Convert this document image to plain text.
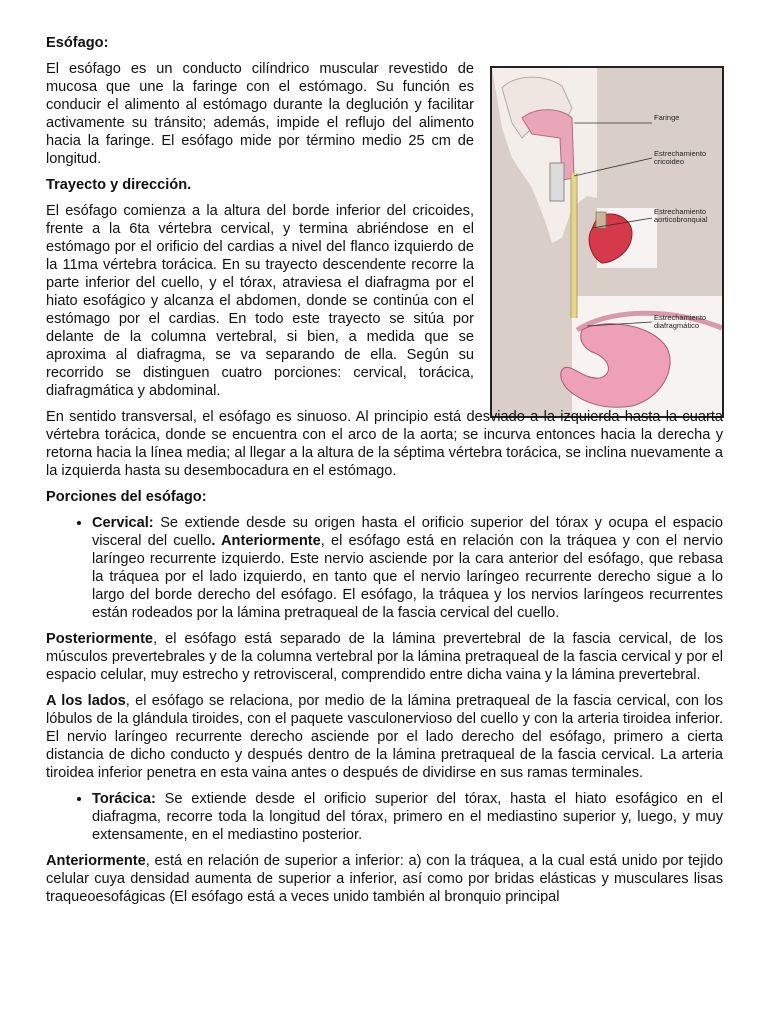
Faringe
Estrechamiento cricoideo
Estrechamiento aorticobronquial
Estrechamiento diafragmático
Esófago:

El esófago es un conducto cilíndrico muscular revestido de mucosa que une la faringe con el estómago. Su función es conducir el alimento al estómago durante la deglución y facilitar activamente su tránsito; además, impide el reflujo del alimento hacia la faringe. El esófago mide por término medio 25 cm de longitud.

Trayecto y dirección.

El esófago comienza a la altura del borde inferior del cricoides, frente a la 6ta vértebra cervical, y termina abriéndose en el estómago por el orificio del cardias a nivel del flanco izquierdo de la 11ma vértebra torácica. En su trayecto descendente recorre la parte inferior del cuello, y el tórax, atraviesa el diafragma por el hiato esofágico y alcanza el abdomen, donde se continúa con el estómago por el cardias. En todo este trayecto se sitúa por delante de la columna vertebral, si bien, a medida que se aproxima al diafragma, se va separando de ella. Según su recorrido se distinguen cuatro porciones: cervical, torácica, diafragmática y abdominal.

En sentido transversal, el esófago es sinuoso. Al principio está desviado a la izquierda hasta la cuarta vértebra torácica, donde se encuentra con el arco de la aorta; se incurva entonces hacia la derecha y retorna hacia la línea media; al llegar a la altura de la séptima vértebra torácica, se inclina nuevamente a la izquierda hasta su desembocadura en el estómago.

Porciones del esófago:
• Cervical: Se extiende desde su origen hasta el orificio superior del tórax y ocupa el espacio visceral del cuello. Anteriormente, el esófago está en relación con la tráquea y con el nervio laríngeo recurrente izquierdo. Este nervio asciende por la cara anterior del esófago, que rebasa la tráquea por el lado izquierdo, en tanto que el nervio laríngeo recurrente derecho sigue a lo largo del borde derecho del esófago. El esófago, la tráquea y los nervios laríngeos recurrentes están rodeados por la lámina pretraqueal de la fascia cervical del cuello.

Posteriormente, el esófago está separado de la lámina prevertebral de la fascia cervical, de los músculos prevertebrales y de la columna vertebral por la lámina pretraqueal de la fascia cervical y por el espacio celular, muy estrecho y retrovisceral, comprendido entre dicha vaina y la lámina prevertebral.

A los lados, el esófago se relaciona, por medio de la lámina pretraqueal de la fascia cervical, con los lóbulos de la glándula tiroides, con el paquete vasculonervioso del cuello y con la arteria tiroidea inferior. El nervio laríngeo recurrente derecho asciende por el lado derecho del esófago, primero a cierta distancia de dicho conducto y después dentro de la lámina pretraqueal de la fascia cervical. La arteria tiroidea inferior penetra en esta vaina antes o después de dividirse en sus ramas terminales.

• Torácica: Se extiende desde el orificio superior del tórax, hasta el hiato esofágico en el diafragma, recorre toda la longitud del tórax, primero en el mediastino superior y, luego, y muy extensamente, en el mediastino posterior.

Anteriormente, está en relación de superior a inferior: a) con la tráquea, a la cual está unido por tejido celular cuya densidad aumenta de superior a inferior, así como por bridas elásticas y musculares lisas traqueoesofágicas (El esófago está a veces unido también al bronquio principal
